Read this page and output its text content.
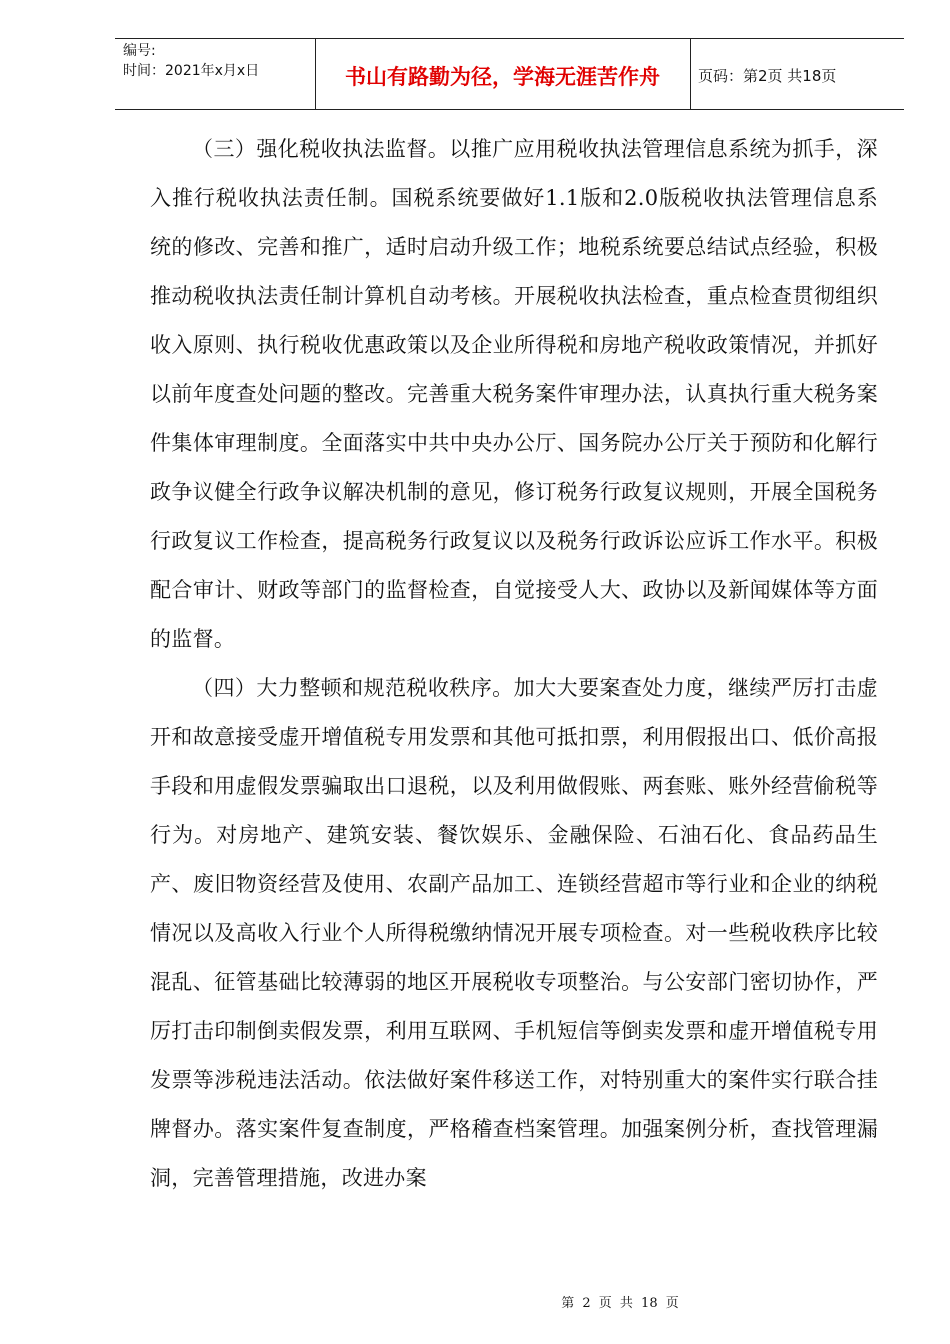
编号:
时间：2021年x月x日	书山有路勤为径，学海无涯苦作舟	页码：第2页 共18页

（三）强化税收执法监督。以推广应用税收执法管理信息系统为抓手，深入推行税收执法责任制。国税系统要做好1.1版和2.0版税收执法管理信息系统的修改、完善和推广，适时启动升级工作；地税系统要总结试点经验，积极推动税收执法责任制计算机自动考核。开展税收执法检查，重点检查贯彻组织收入原则、执行税收优惠政策以及企业所得税和房地产税收政策情况，并抓好以前年度查处问题的整改。完善重大税务案件审理办法，认真执行重大税务案件集体审理制度。全面落实中共中央办公厅、国务院办公厅关于预防和化解行政争议健全行政争议解决机制的意见，修订税务行政复议规则，开展全国税务行政复议工作检查，提高税务行政复议以及税务行政诉讼应诉工作水平。积极配合审计、财政等部门的监督检查，自觉接受人大、政协以及新闻媒体等方面的监督。

（四）大力整顿和规范税收秩序。加大大要案查处力度，继续严厉打击虚开和故意接受虚开增值税专用发票和其他可抵扣票，利用假报出口、低价高报手段和用虚假发票骗取出口退税，以及利用做假账、两套账、账外经营偷税等行为。对房地产、建筑安装、餐饮娱乐、金融保险、石油石化、食品药品生产、废旧物资经营及使用、农副产品加工、连锁经营超市等行业和企业的纳税情况以及高收入行业个人所得税缴纳情况开展专项检查。对一些税收秩序比较混乱、征管基础比较薄弱的地区开展税收专项整治。与公安部门密切协作，严厉打击印制倒卖假发票，利用互联网、手机短信等倒卖发票和虚开增值税专用发票等涉税违法活动。依法做好案件移送工作，对特别重大的案件实行联合挂牌督办。落实案件复查制度，严格稽查档案管理。加强案例分析，查找管理漏洞，完善管理措施，改进办案

第 2 页 共 18 页
